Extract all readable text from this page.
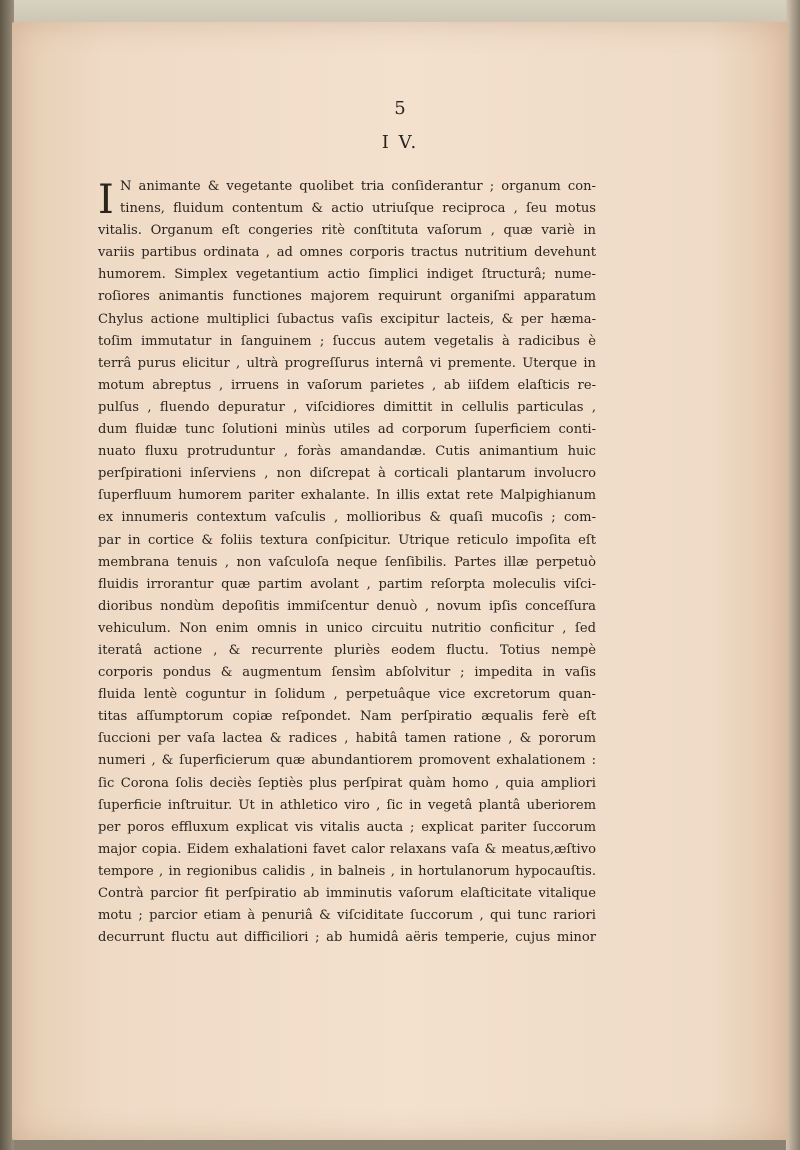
5
I V.
I N animante & vegetante quolibet tria conſiderantur ; organum con-
tinens, fluidum contentum & actio utriuſque reciproca , ſeu motus
vitalis. Organum eſt congeries ritè conſtituta vaſorum , quæ variè in
variis partibus ordinata , ad omnes corporis tractus nutritium devehunt
humorem. Simplex vegetantium actio ſimplici indiget ſtructurâ; nume-
roſiores animantis functiones majorem requirunt organiſmi apparatum
Chylus actione multiplici ſubactus vaſis excipitur lacteis, & per hæma-
toſim immutatur in ſanguinem ; ſuccus autem vegetalis à radicibus è
terrâ purus elicitur , ultrà progreſſurus internâ vi premente. Uterque in
motum abreptus , irruens in vaſorum parietes , ab iiſdem elaſticis re-
pulſus , fluendo depuratur , viſcidiores dimittit in cellulis particulas ,
dum fluidæ tunc ſolutioni minùs utiles ad corporum ſuperficiem conti-
nuato fluxu protruduntur , foràs amandandæ. Cutis animantium huic
perſpirationi inſerviens , non diſcrepat à corticali plantarum involucro
ſuperfluum humorem pariter exhalante. In illis extat rete Malpighianum
ex innumeris contextum vaſculis , mollioribus & quaſi mucoſis ; com-
par in cortice & foliis textura conſpicitur. Utrique reticulo impoſita eſt
membrana tenuis , non vaſculoſa neque ſenſibilis. Partes illæ perpetuò
fluidis irrorantur quæ partim avolant , partim reſorpta moleculis viſci-
dioribus nondùm depoſitis immiſcentur denuò , novum ipſis conceſſura
vehiculum. Non enim omnis in unico circuitu nutritio conficitur , ſed
iteratâ actione , & recurrente pluriès eodem fluctu. Totius nempè
corporis pondus & augmentum ſensìm abſolvitur ; impedita in vaſis
fluida lentè coguntur in ſolidum , perpetuâque vice excretorum quan-
titas aſſumptorum copiæ reſpondet. Nam perſpiratio æqualis ferè eſt
ſuccioni per vaſa lactea & radices , habitâ tamen ratione , & pororum
numeri , & ſuperficierum quæ abundantiorem promovent exhalationem :
ſic Corona ſolis deciès ſeptiès plus perſpirat quàm homo , quia ampliori
ſuperficie inſtruitur. Ut in athletico viro , ſic in vegetâ plantâ uberiorem
per poros effluxum explicat vis vitalis aucta ; explicat pariter ſuccorum
major copia. Eidem exhalationi favet calor relaxans vaſa & meatus,æſtivo
tempore , in regionibus calidis , in balneis , in hortulanorum hypocauſtis.
Contrà parcior fit perſpiratio ab imminutis vaſorum elaſticitate vitalique
motu ; parcior etiam à penuriâ & viſciditate ſuccorum , qui tunc rariori
decurrunt fluctu aut difficiliori ; ab humidâ aëris temperie, cujus minor
